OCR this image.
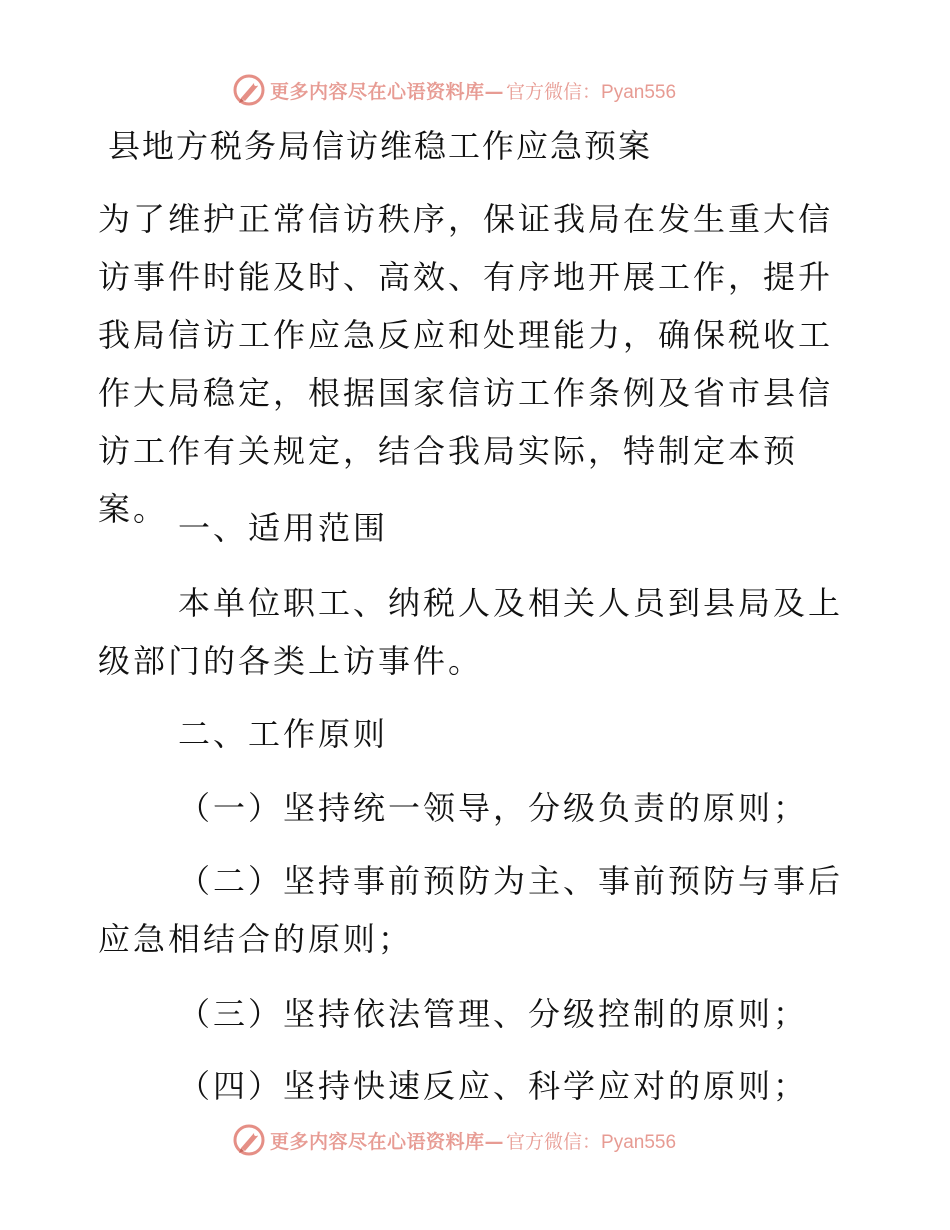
更多内容尽在心语资料库— 官方微信：Pyan556
县地方税务局信访维稳工作应急预案

为了维护正常信访秩序，保证我局在发生重大信访事件时能及时、高效、有序地开展工作，提升我局信访工作应急反应和处理能力，确保税收工作大局稳定，根据国家信访工作条例及省市县信访工作有关规定，结合我局实际，特制定本预案。 一、适用范围

本单位职工、纳税人及相关人员到县局及上级部门的各类上访事件。

二、工作原则
（一）坚持统一领导，分级负责的原则；

（二）坚持事前预防为主、事前预防与事后应急相结合的原则；

（三）坚持依法管理、分级控制的原则；
（四）坚持快速反应、科学应对的原则；
更多内容尽在心语资料库— 官方微信：Pyan556
